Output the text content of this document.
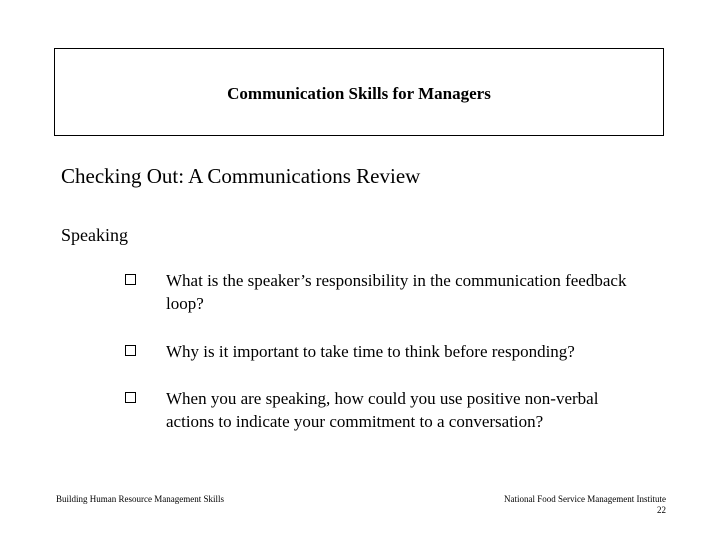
Communication Skills for Managers
Checking Out: A Communications Review
Speaking
What is the speaker’s responsibility in the communication feedback loop?
Why is it important to take time to think before responding?
When you are speaking, how could you use positive non-verbal actions to indicate your commitment to a conversation?
Building Human Resource Management Skills	National Food Service Management Institute
22
